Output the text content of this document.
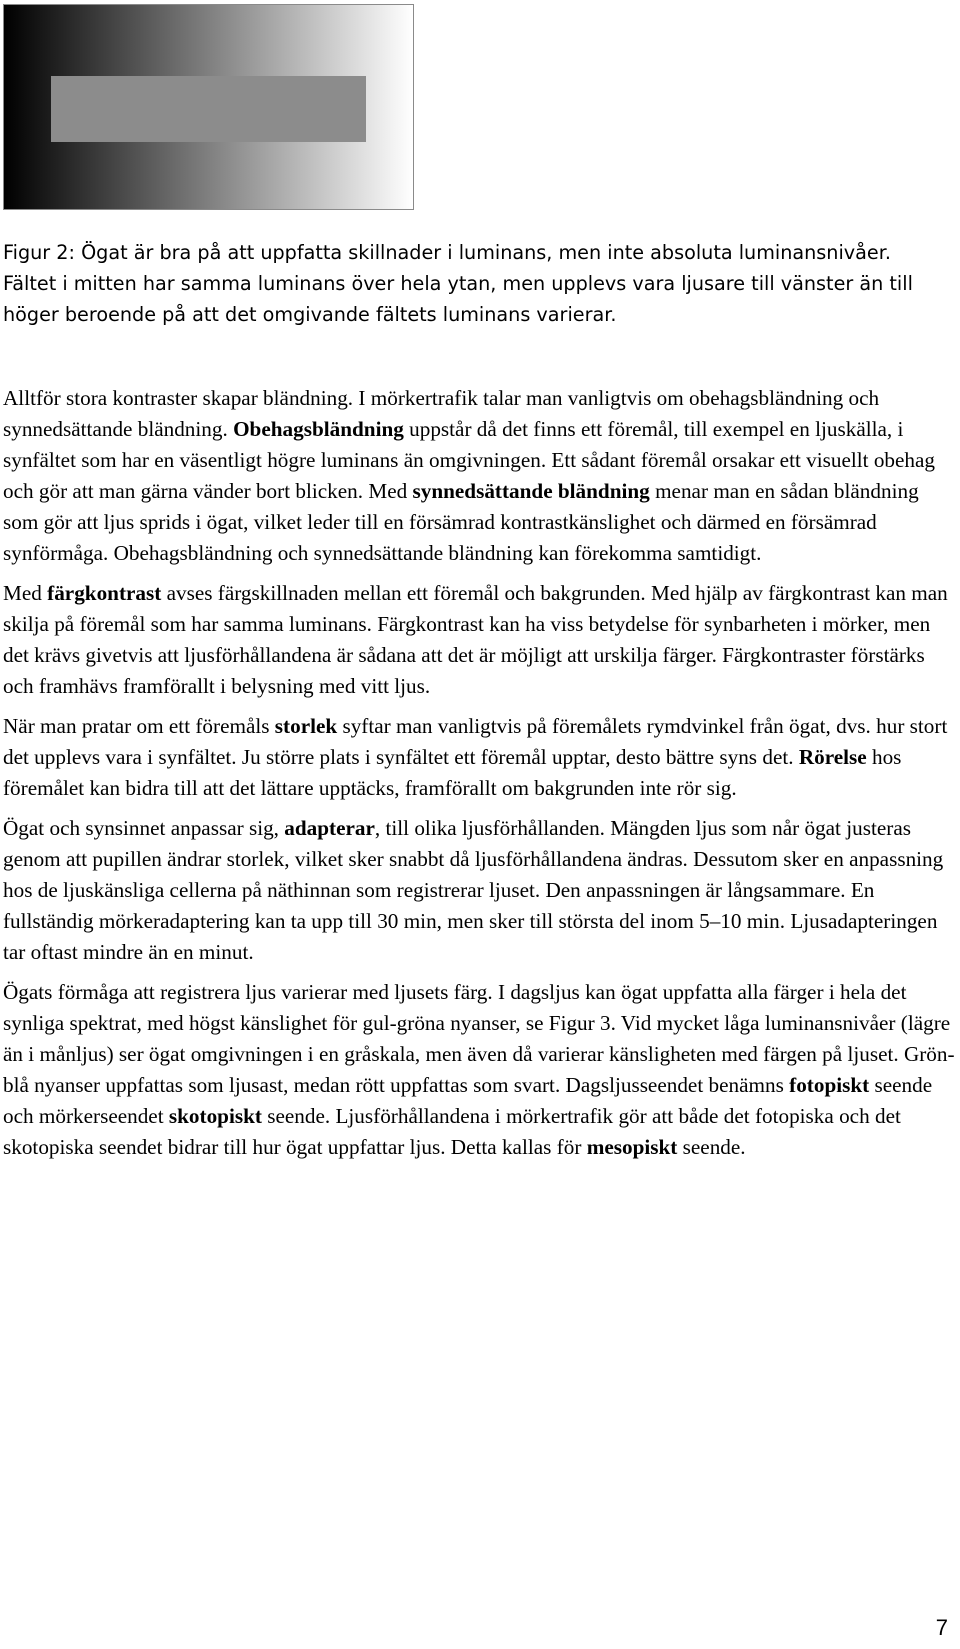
Figur 2: Ögat är bra på att uppfatta skillnader i luminans, men inte absoluta luminansnivåer. Fältet i mitten har samma luminans över hela ytan, men upplevs vara ljusare till vänster än till höger beroende på att det omgivande fältets luminans varierar.

Alltför stora kontraster skapar bländning. I mörkertrafik talar man vanligtvis om obehagsbländning och synnedsättande bländning. Obehagsbländning uppstår då det finns ett föremål, till exempel en ljuskälla, i synfältet som har en väsentligt högre luminans än omgivningen. Ett sådant föremål orsakar ett visuellt obehag och gör att man gärna vänder bort blicken. Med synnedsättande bländning menar man en sådan bländning som gör att ljus sprids i ögat, vilket leder till en försämrad kontrastkänslighet och därmed en försämrad synförmåga. Obehagsbländning och synnedsättande bländning kan förekomma samtidigt.

Med färgkontrast avses färgskillnaden mellan ett föremål och bakgrunden. Med hjälp av färgkontrast kan man skilja på föremål som har samma luminans. Färgkontrast kan ha viss betydelse för synbarheten i mörker, men det krävs givetvis att ljusförhållandena är sådana att det är möjligt att urskilja färger. Färgkontraster förstärks och framhävs framförallt i belysning med vitt ljus.

När man pratar om ett föremåls storlek syftar man vanligtvis på föremålets rymdvinkel från ögat, dvs. hur stort det upplevs vara i synfältet. Ju större plats i synfältet ett föremål upptar, desto bättre syns det. Rörelse hos föremålet kan bidra till att det lättare upptäcks, framförallt om bakgrunden inte rör sig.

Ögat och synsinnet anpassar sig, adapterar, till olika ljusförhållanden. Mängden ljus som når ögat justeras genom att pupillen ändrar storlek, vilket sker snabbt då ljusförhållandena ändras. Dessutom sker en anpassning hos de ljuskänsliga cellerna på näthinnan som registrerar ljuset. Den anpassningen är långsammare. En fullständig mörkeradaptering kan ta upp till 30 min, men sker till största del inom 5–10 min. Ljusadapteringen tar oftast mindre än en minut.

Ögats förmåga att registrera ljus varierar med ljusets färg. I dagsljus kan ögat uppfatta alla färger i hela det synliga spektrat, med högst känslighet för gul-gröna nyanser, se Figur 3. Vid mycket låga luminansnivåer (lägre än i månljus) ser ögat omgivningen i en gråskala, men även då varierar känsligheten med färgen på ljuset. Grön-blå nyanser uppfattas som ljusast, medan rött uppfattas som svart. Dagsljusseendet benämns fotopiskt seende och mörkerseendet skotopiskt seende. Ljusförhållandena i mörkertrafik gör att både det fotopiska och det skotopiska seendet bidrar till hur ögat uppfattar ljus. Detta kallas för mesopiskt seende.

7
